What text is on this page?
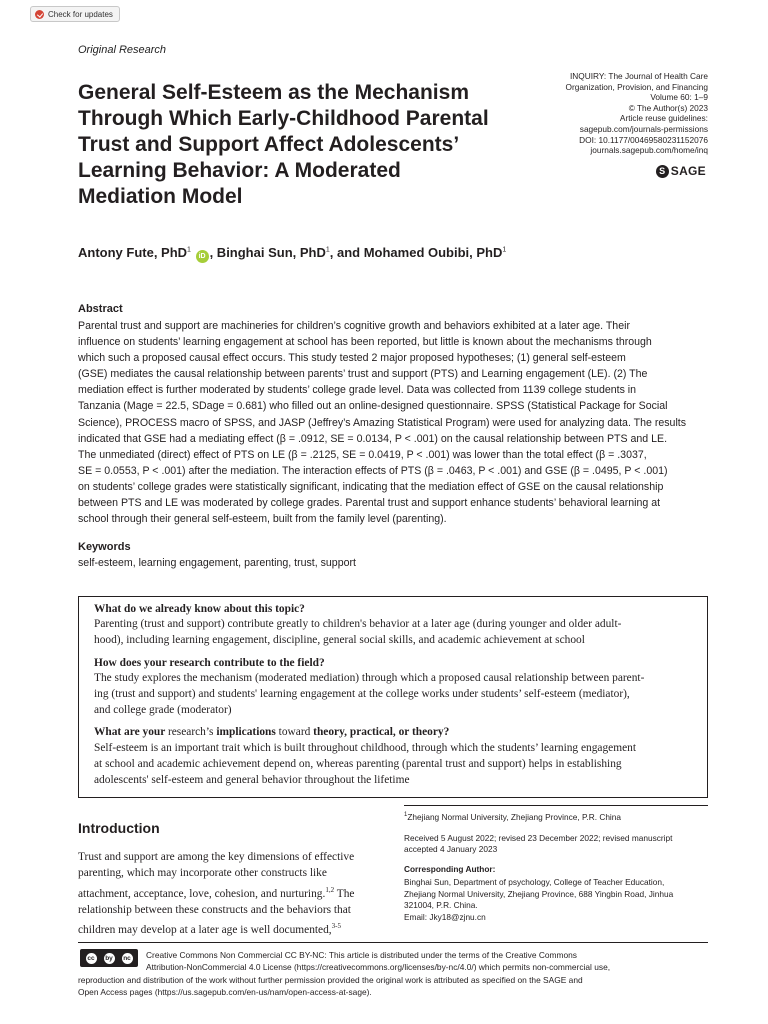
Check for updates
Original Research
General Self-Esteem as the Mechanism
Through Which Early-Childhood Parental
Trust and Support Affect Adolescents’
Learning Behavior: A Moderated
Mediation Model
INQUIRY: The Journal of Health Care
Organization, Provision, and Financing
Volume 60: 1–9
© The Author(s) 2023
Article reuse guidelines:
sagepub.com/journals-permissions
DOI: 10.1177/00469580231152076
journals.sagepub.com/home/inq
S SAGE
Antony Fute, PhD$^1$ iD , Binghai Sun, PhD$^1$, and Mohamed Oubibi, PhD$^1$
Abstract
Parental trust and support are machineries for children’s cognitive growth and behaviors exhibited at a later age. Their
influence on students’ learning engagement at school has been reported, but little is known about the mechanisms through
which such a proposed causal effect occurs. This study tested 2 major proposed hypotheses; (1) general self-esteem
(GSE) mediates the causal relationship between parents’ trust and support (PTS) and Learning engagement (LE). (2) The
mediation effect is further moderated by students’ college grade level. Data was collected from 1139 college students in
Tanzania (Mage = 22.5, SDage = 0.681) who filled out an online-designed questionnaire. SPSS (Statistical Package for Social
Science), PROCESS macro of SPSS, and JASP (Jeffrey’s Amazing Statistical Program) were used for analyzing data. The results
indicated that GSE had a mediating effect (β = .0912, SE = 0.0134, P < .001) on the causal relationship between PTS and LE.
The unmediated (direct) effect of PTS on LE (β = .2125, SE = 0.0419, P < .001) was lower than the total effect (β = .3037,
SE = 0.0553, P < .001) after the mediation. The interaction effects of PTS (β = .0463, P < .001) and GSE (β = .0495, P < .001)
on students’ college grades were statistically significant, indicating that the mediation effect of GSE on the causal relationship
between PTS and LE was moderated by college grades. Parental trust and support enhance students’ behavioral learning at
school through their general self-esteem, built from the family level (parenting).
Keywords
self-esteem, learning engagement, parenting, trust, support
What do we already know about this topic?
Parenting (trust and support) contribute greatly to children's behavior at a later age (during younger and older adult-
hood), including learning engagement, discipline, general social skills, and academic achievement at school
How does your research contribute to the field?
The study explores the mechanism (moderated mediation) through which a proposed causal relationship between parent-
ing (trust and support) and students' learning engagement at the college works under students’ self-esteem (mediator),
and college grade (moderator)
What are your research’s implications toward theory, practical, or theory?
Self-esteem is an important trait which is built throughout childhood, through which the students’ learning engagement
at school and academic achievement depend on, whereas parenting (parental trust and support) helps in establishing
adolescents' self-esteem and general behavior throughout the lifetime
$^1$Zhejiang Normal University, Zhejiang Province, P.R. China
Received 5 August 2022; revised 23 December 2022; revised manuscript
accepted 4 January 2023
Corresponding Author:
Binghai Sun, Department of psychology, College of Teacher Education,
Zhejiang Normal University, Zhejiang Province, 688 Yingbin Road, Jinhua
321004, P.R. China.
Email: Jky18@zjnu.cn
Introduction
Trust and support are among the key dimensions of effective
parenting, which may incorporate other constructs like
attachment, acceptance, love, cohesion, and nurturing.$^{1,2}$ The
relationship between these constructs and the behaviors that
children may develop at a later age is well documented,$^{3-5}$
cc by nc	Creative Commons Non Commercial CC BY-NC: This article is distributed under the terms of the Creative Commons
Attribution-NonCommercial 4.0 License (https://creativecommons.org/licenses/by-nc/4.0/) which permits non-commercial use,
reproduction and distribution of the work without further permission provided the original work is attributed as specified on the SAGE and
Open Access pages (https://us.sagepub.com/en-us/nam/open-access-at-sage).
